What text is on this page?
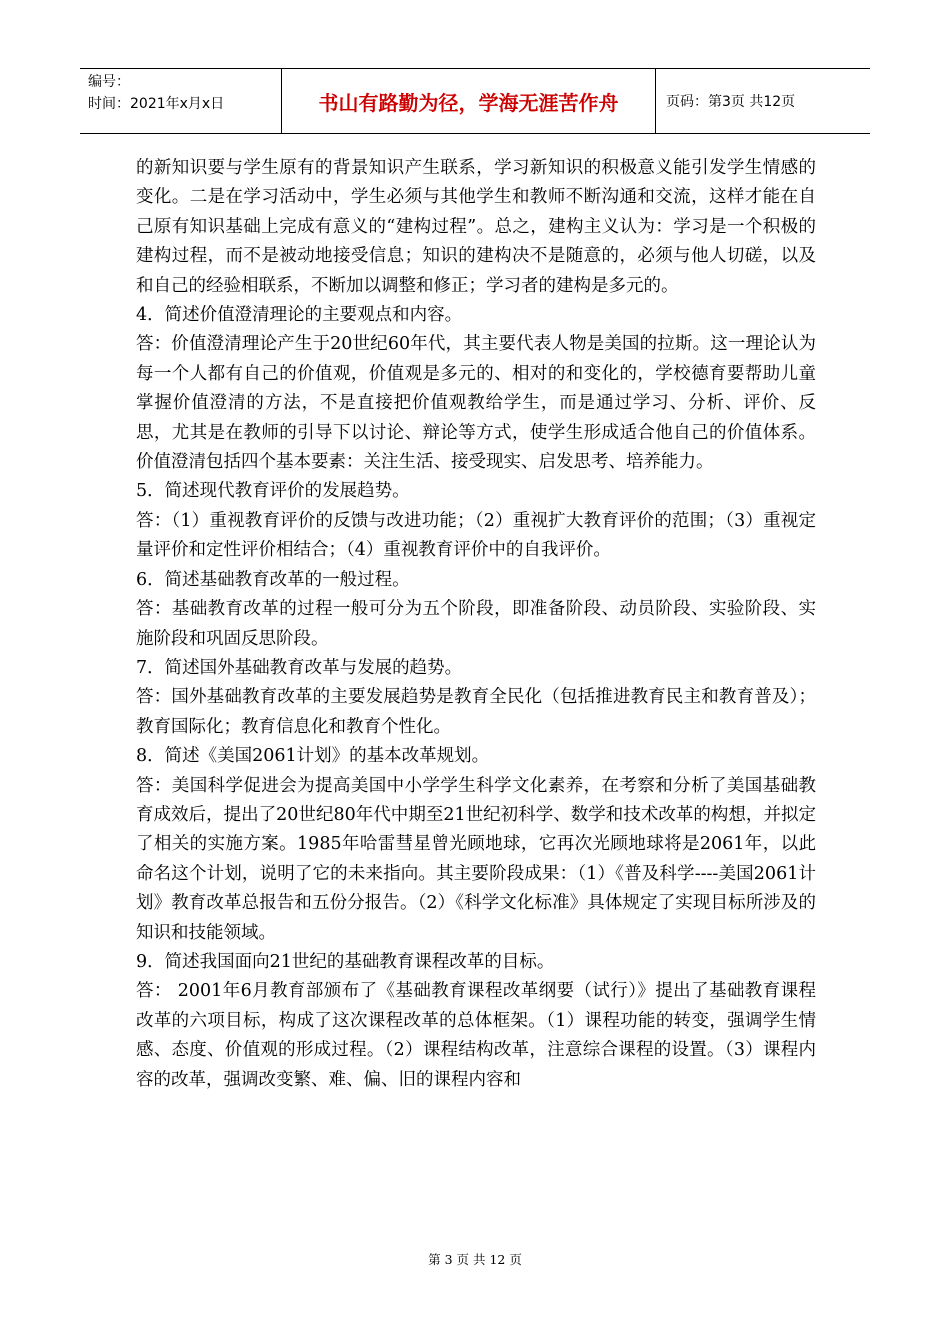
编号：
时间：2021年x月x日	书山有路勤为径，学海无涯苦作舟	页码：第3页 共12页

的新知识要与学生原有的背景知识产生联系，学习新知识的积极意义能引发学生情感的变化。二是在学习活动中，学生必须与其他学生和教师不断沟通和交流，这样才能在自己原有知识基础上完成有意义的“建构过程”。总之，建构主义认为：学习是一个积极的建构过程，而不是被动地接受信息；知识的建构决不是随意的，必须与他人切磋，以及和自己的经验相联系，不断加以调整和修正；学习者的建构是多元的。

4．简述价值澄清理论的主要观点和内容。

答：价值澄清理论产生于20世纪60年代，其主要代表人物是美国的拉斯。这一理论认为每一个人都有自己的价值观，价值观是多元的、相对的和变化的，学校德育要帮助儿童掌握价值澄清的方法，不是直接把价值观教给学生，而是通过学习、分析、评价、反思，尤其是在教师的引导下以讨论、辩论等方式，使学生形成适合他自己的价值体系。价值澄清包括四个基本要素：关注生活、接受现实、启发思考、培养能力。

5．简述现代教育评价的发展趋势。

答：（1）重视教育评价的反馈与改进功能；（2）重视扩大教育评价的范围；（3）重视定量评价和定性评价相结合；（4）重视教育评价中的自我评价。

6．简述基础教育改革的一般过程。

答：基础教育改革的过程一般可分为五个阶段，即准备阶段、动员阶段、实验阶段、实施阶段和巩固反思阶段。

7．简述国外基础教育改革与发展的趋势。

答：国外基础教育改革的主要发展趋势是教育全民化（包括推进教育民主和教育普及）；教育国际化；教育信息化和教育个性化。

8．简述《美国2061计划》的基本改革规划。

答：美国科学促进会为提高美国中小学学生科学文化素养，在考察和分析了美国基础教育成效后，提出了20世纪80年代中期至21世纪初科学、数学和技术改革的构想，并拟定了相关的实施方案。1985年哈雷彗星曾光顾地球，它再次光顾地球将是2061年，以此命名这个计划，说明了它的未来指向。其主要阶段成果：（1）《普及科学----美国2061计划》教育改革总报告和五份分报告。（2）《科学文化标准》具体规定了实现目标所涉及的知识和技能领域。

9．简述我国面向21世纪的基础教育课程改革的目标。

答： 2001年6月教育部颁布了《基础教育课程改革纲要（试行）》提出了基础教育课程改革的六项目标，构成了这次课程改革的总体框架。（1）课程功能的转变，强调学生情感、态度、价值观的形成过程。（2）课程结构改革，注意综合课程的设置。（3）课程内容的改革，强调改变繁、难、偏、旧的课程内容和

第 3 页 共 12 页
